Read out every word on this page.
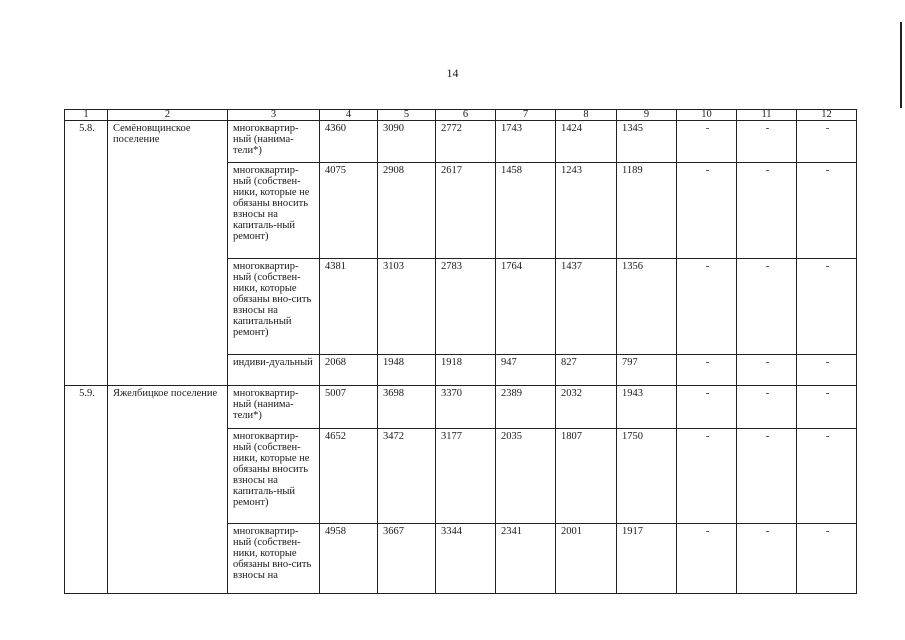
14
1	2	3	4	5	6	7	8	9	10	11	12
5.8.	Семёновщинское поселение	многоквартир-ный (нанима-тели*)	4360	3090	2772	1743	1424	1345	-	-	-
		многоквартир-ный (собствен-ники, которые не обязаны вносить взносы на капиталь-ный ремонт)	4075	2908	2617	1458	1243	1189	-	-	-
		многоквартир-ный (собствен-ники, которые обязаны вно-сить взносы на капитальный ремонт)	4381	3103	2783	1764	1437	1356	-	-	-
		индиви-дуальный	2068	1948	1918	947	827	797	-	-	-
5.9.	Яжелбицкое поселение	многоквартир-ный (нанима-тели*)	5007	3698	3370	2389	2032	1943	-	-	-
		многоквартир-ный (собствен-ники, которые не обязаны вносить взносы на капиталь-ный ремонт)	4652	3472	3177	2035	1807	1750	-	-	-

		многоквартир-ный (собствен-ники, которые обязаны вно-сить взносы на	4958	3667	3344	2341	2001	1917	-	-	-
